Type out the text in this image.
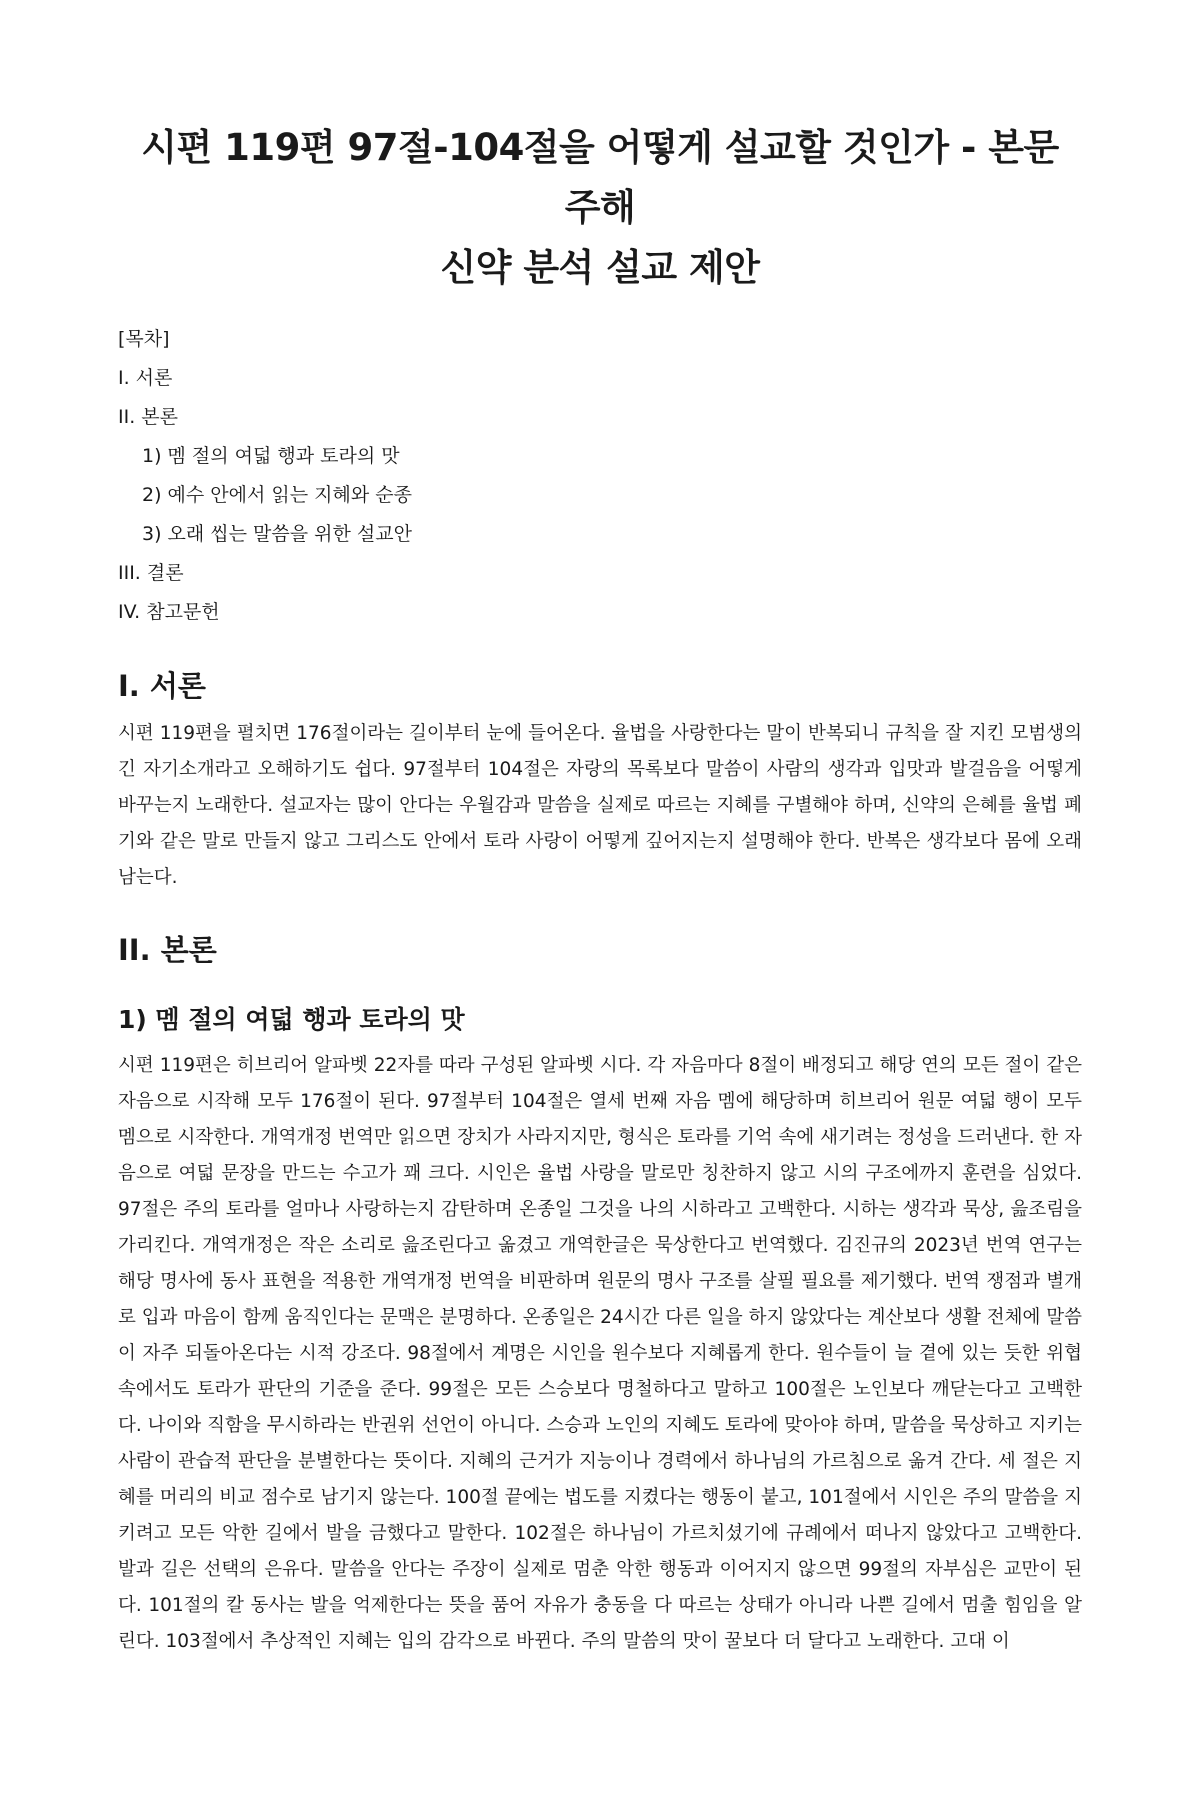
시편 119편 97절-104절을 어떻게 설교할 것인가 - 본문 주해
신약 분석 설교 제안
[목차]
I. 서론
II. 본론
1) 멤 절의 여덟 행과 토라의 맛
2) 예수 안에서 읽는 지혜와 순종
3) 오래 씹는 말씀을 위한 설교안
III. 결론
IV. 참고문헌
I. 서론

시편 119편을 펼치면 176절이라는 길이부터 눈에 들어온다. 율법을 사랑한다는 말이 반복되니 규칙을 잘 지킨 모범생의 긴 자기소개라고 오해하기도 쉽다. 97절부터 104절은 자랑의 목록보다 말씀이 사람의 생각과 입맛과 발걸음을 어떻게 바꾸는지 노래한다. 설교자는 많이 안다는 우월감과 말씀을 실제로 따르는 지혜를 구별해야 하며, 신약의 은혜를 율법 폐기와 같은 말로 만들지 않고 그리스도 안에서 토라 사랑이 어떻게 깊어지는지 설명해야 한다. 반복은 생각보다 몸에 오래 남는다.

II. 본론
1) 멤 절의 여덟 행과 토라의 맛

시편 119편은 히브리어 알파벳 22자를 따라 구성된 알파벳 시다. 각 자음마다 8절이 배정되고 해당 연의 모든 절이 같은 자음으로 시작해 모두 176절이 된다. 97절부터 104절은 열세 번째 자음 멤에 해당하며 히브리어 원문 여덟 행이 모두 멤으로 시작한다. 개역개정 번역만 읽으면 장치가 사라지지만, 형식은 토라를 기억 속에 새기려는 정성을 드러낸다. 한 자음으로 여덟 문장을 만드는 수고가 꽤 크다. 시인은 율법 사랑을 말로만 칭찬하지 않고 시의 구조에까지 훈련을 심었다. 97절은 주의 토라를 얼마나 사랑하는지 감탄하며 온종일 그것을 나의 시하라고 고백한다. 시하는 생각과 묵상, 읊조림을 가리킨다. 개역개정은 작은 소리로 읊조린다고 옮겼고 개역한글은 묵상한다고 번역했다. 김진규의 2023년 번역 연구는 해당 명사에 동사 표현을 적용한 개역개정 번역을 비판하며 원문의 명사 구조를 살필 필요를 제기했다. 번역 쟁점과 별개로 입과 마음이 함께 움직인다는 문맥은 분명하다. 온종일은 24시간 다른 일을 하지 않았다는 계산보다 생활 전체에 말씀이 자주 되돌아온다는 시적 강조다. 98절에서 계명은 시인을 원수보다 지혜롭게 한다. 원수들이 늘 곁에 있는 듯한 위협 속에서도 토라가 판단의 기준을 준다. 99절은 모든 스승보다 명철하다고 말하고 100절은 노인보다 깨닫는다고 고백한다. 나이와 직함을 무시하라는 반권위 선언이 아니다. 스승과 노인의 지혜도 토라에 맞아야 하며, 말씀을 묵상하고 지키는 사람이 관습적 판단을 분별한다는 뜻이다. 지혜의 근거가 지능이나 경력에서 하나님의 가르침으로 옮겨 간다. 세 절은 지혜를 머리의 비교 점수로 남기지 않는다. 100절 끝에는 법도를 지켰다는 행동이 붙고, 101절에서 시인은 주의 말씀을 지키려고 모든 악한 길에서 발을 금했다고 말한다. 102절은 하나님이 가르치셨기에 규례에서 떠나지 않았다고 고백한다. 발과 길은 선택의 은유다. 말씀을 안다는 주장이 실제로 멈춘 악한 행동과 이어지지 않으면 99절의 자부심은 교만이 된다. 101절의 칼 동사는 발을 억제한다는 뜻을 품어 자유가 충동을 다 따르는 상태가 아니라 나쁜 길에서 멈출 힘임을 알린다. 103절에서 추상적인 지혜는 입의 감각으로 바뀐다. 주의 말씀의 맛이 꿀보다 더 달다고 노래한다. 고대 이
